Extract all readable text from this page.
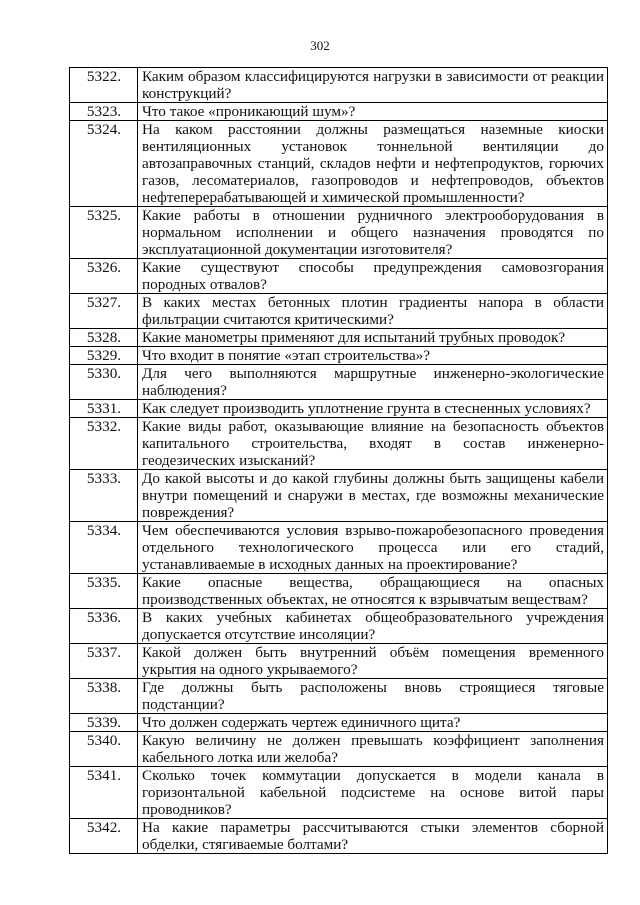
302
5322.	Каким образом классифицируются нагрузки в зависимости от реакции конструкций?
5323.	Что такое «проникающий шум»?
5324.	На каком расстоянии должны размещаться наземные киоски вентиляционных установок тоннельной вентиляции до автозаправочных станций, складов нефти и нефтепродуктов, горючих газов, лесоматериалов, газопроводов и нефтепроводов, объектов нефтеперерабатывающей и химической промышленности?
5325.	Какие работы в отношении рудничного электрооборудования в нормальном исполнении и общего назначения проводятся по эксплуатационной документации изготовителя?
5326.	Какие существуют способы предупреждения самовозгорания породных отвалов?
5327.	В каких местах бетонных плотин градиенты напора в области фильтрации считаются критическими?
5328.	Какие манометры применяют для испытаний трубных проводок?
5329.	Что входит в понятие «этап строительства»?
5330.	Для чего выполняются маршрутные инженерно-экологические наблюдения?
5331.	Как следует производить уплотнение грунта в стесненных условиях?
5332.	Какие виды работ, оказывающие влияние на безопасность объектов капитального строительства, входят в состав инженерно-геодезических изысканий?
5333.	До какой высоты и до какой глубины должны быть защищены кабели внутри помещений и снаружи в местах, где возможны механические повреждения?
5334.	Чем обеспечиваются условия взрыво-пожаробезопасного проведения отдельного технологического процесса или его стадий, устанавливаемые в исходных данных на проектирование?
5335.	Какие опасные вещества, обращающиеся на опасных производственных объектах, не относятся к взрывчатым веществам?
5336.	В каких учебных кабинетах общеобразовательного учреждения допускается отсутствие инсоляции?
5337.	Какой должен быть внутренний объём помещения временного укрытия на одного укрываемого?
5338.	Где должны быть расположены вновь строящиеся тяговые подстанции?
5339.	Что должен содержать чертеж единичного щита?
5340.	Какую величину не должен превышать коэффициент заполнения кабельного лотка или желоба?
5341.	Сколько точек коммутации допускается в модели канала в горизонтальной кабельной подсистеме на основе витой пары проводников?
5342.	На какие параметры рассчитываются стыки элементов сборной обделки, стягиваемые болтами?
